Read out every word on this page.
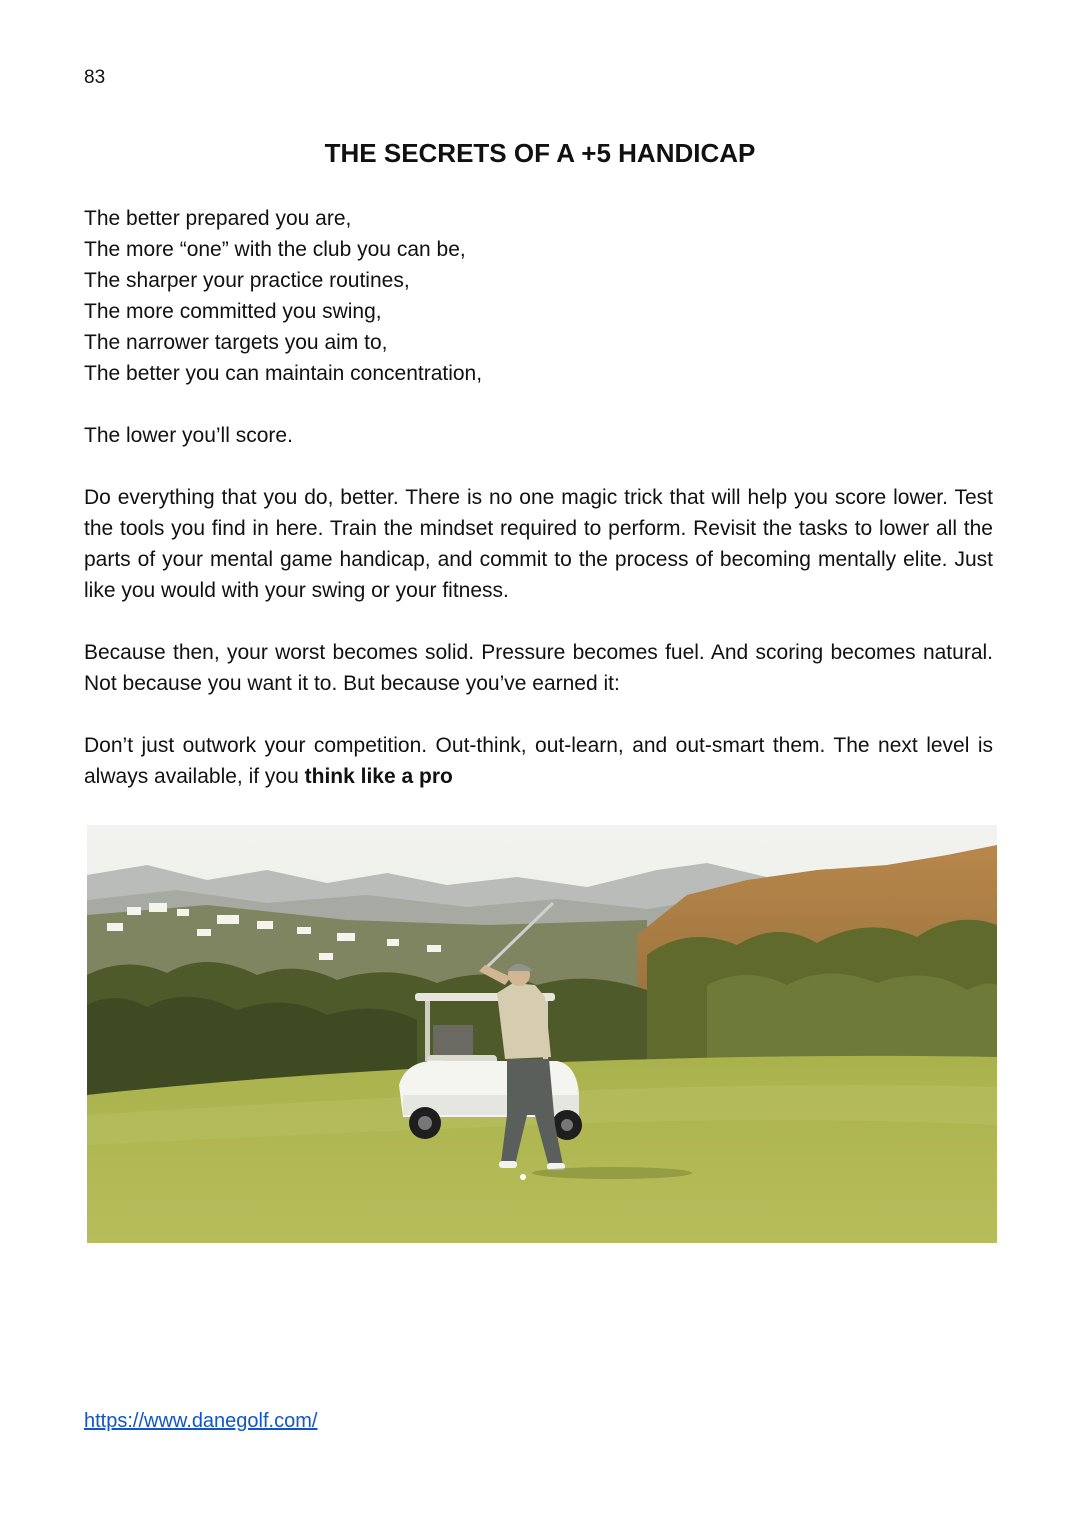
83
THE SECRETS OF A +5 HANDICAP
The better prepared you are,
The more “one” with the club you can be,
The sharper your practice routines,
The more committed you swing,
The narrower targets you aim to,
The better you can maintain concentration,

The lower you’ll score.

Do everything that you do, better. There is no one magic trick that will help you score lower. Test the tools you find in here. Train the mindset required to perform. Revisit the tasks to lower all the parts of your mental game handicap, and commit to the process of becoming mentally elite. Just like you would with your swing or your fitness.

Because then, your worst becomes solid. Pressure becomes fuel. And scoring becomes natural. Not because you want it to. But because you’ve earned it:

Don’t just outwork your competition. Out-think, out-learn, and out-smart them. The next level is always available, if you think like a pro

https://www.danegolf.com/
